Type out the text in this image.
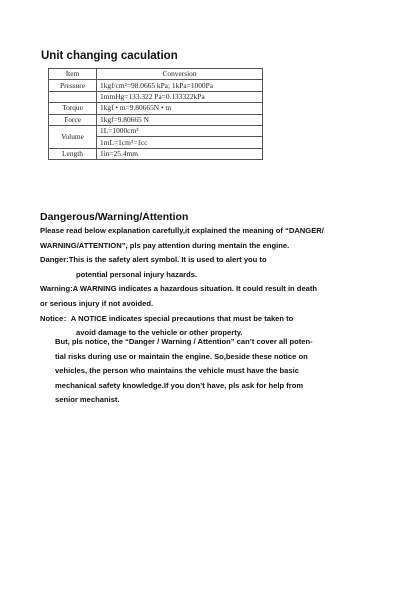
Unit changing caculation
Item	Conversion
Pressure	1kgf/cm²=98.0665 kPa; 1kPa=1000Pa
	1mmHg=133.322 Pa=0.133322kPa
Torque	1kgf • m=9.80665N • m
Force	1kgf=9.80665 N
Volume	1L=1000cm³
	1mL=1cm³=1cc
Length	1in=25.4mm
Dangerous/Warning/Attention
Please read below explanation carefully,it explained the meaning of “DANGER/
WARNING/ATTENTION”, pls pay attention during mentain the engine.
Danger:This is the safety alert symbol. It is used to alert you to
potential personal injury hazards.
Warning:A WARNING indicates a hazardous situation. It could result in death
or serious injury if not avoided.
Notice：A NOTICE indicates special precautions that must be taken to
avoid damage to the vehicle or other property.
But, pls notice, the “Danger / Warning / Attention” can’t cover all poten-
tial risks during use or maintain the engine. So,beside these notice on
vehicles, the person who maintains the vehicle must have the basic
mechanical safety knowledge.If you don’t have, pls ask for help from
senior mechanist.
